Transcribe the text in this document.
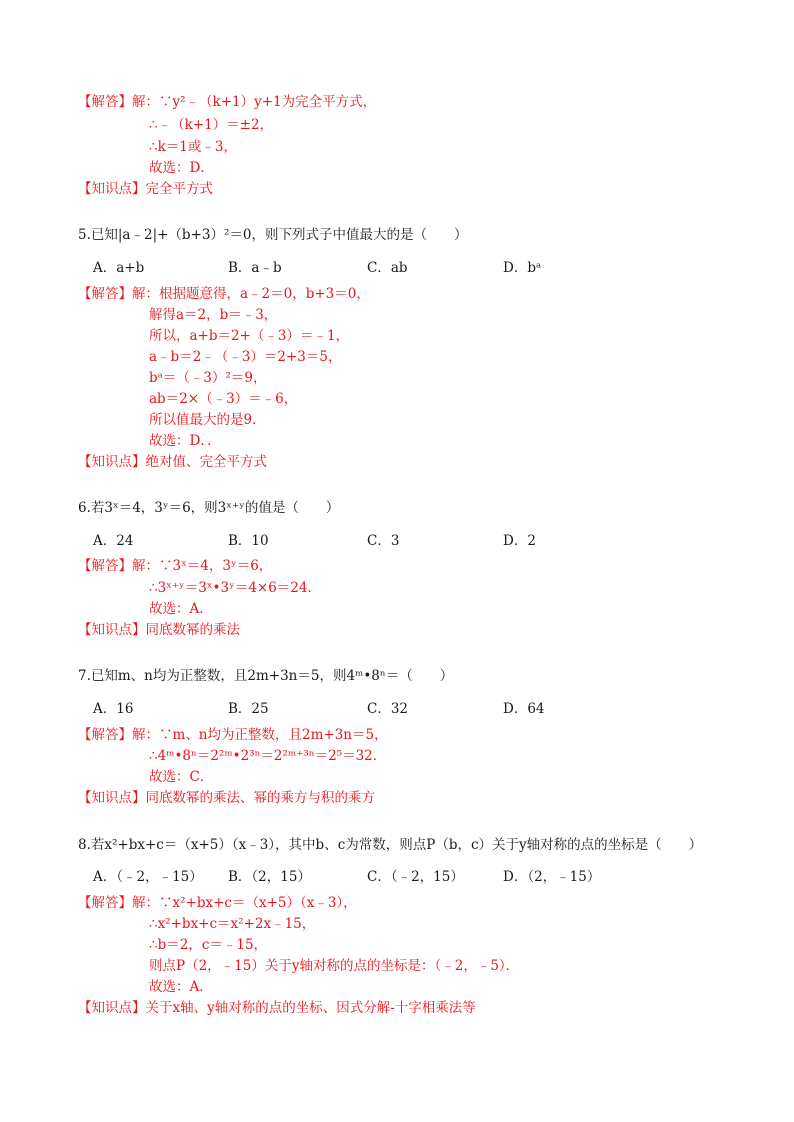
【解答】解：∵y²﹣（k+1）y+1为完全平方式，
∴﹣（k+1）＝±2，
∴k＝1或﹣3，
故选：D．
【知识点】完全平方式
5.已知|a﹣2|+（b+3）²＝0，则下列式子中值最大的是（　　）
A．a+b	B．a﹣b	C．ab	D．bᵃ
【解答】解：根据题意得，a﹣2＝0，b+3＝0，
解得a＝2，b＝﹣3，
所以，a+b＝2+（﹣3）＝﹣1，
a﹣b＝2﹣（﹣3）＝2+3＝5，
bᵃ＝（﹣3）²＝9，
ab＝2×（﹣3）＝﹣6，
所以值最大的是9．
故选：D．．
【知识点】绝对值、完全平方式
6.若3ˣ＝4，3ʸ＝6，则3ˣ⁺ʸ的值是（　　）
A．24	B．10	C．3	D．2
【解答】解：∵3ˣ＝4，3ʸ＝6，
∴3ˣ⁺ʸ＝3ˣ•3ʸ＝4×6＝24．
故选：A．
【知识点】同底数幂的乘法
7.已知m、n均为正整数，且2m+3n＝5，则4ᵐ•8ⁿ＝（　　）
A．16	B．25	C．32	D．64
【解答】解：∵m、n均为正整数，且2m+3n＝5，
∴4ᵐ•8ⁿ＝2²ᵐ•2³ⁿ＝2²ᵐ⁺³ⁿ＝2⁵＝32．
故选：C．
【知识点】同底数幂的乘法、幂的乘方与积的乘方
8.若x²+bx+c＝（x+5）（x﹣3），其中b、c为常数，则点P（b，c）关于y轴对称的点的坐标是（　　）
A．（﹣2，﹣15） B．（2，15）	C．（﹣2，15）	D．（2，﹣15）
【解答】解：∵x²+bx+c＝（x+5）（x﹣3），
∴x²+bx+c＝x²+2x﹣15，
∴b＝2，c＝﹣15，
则点P（2，﹣15）关于y轴对称的点的坐标是：（﹣2，﹣5）．
故选：A．
【知识点】关于x轴、y轴对称的点的坐标、因式分解-十字相乘法等
